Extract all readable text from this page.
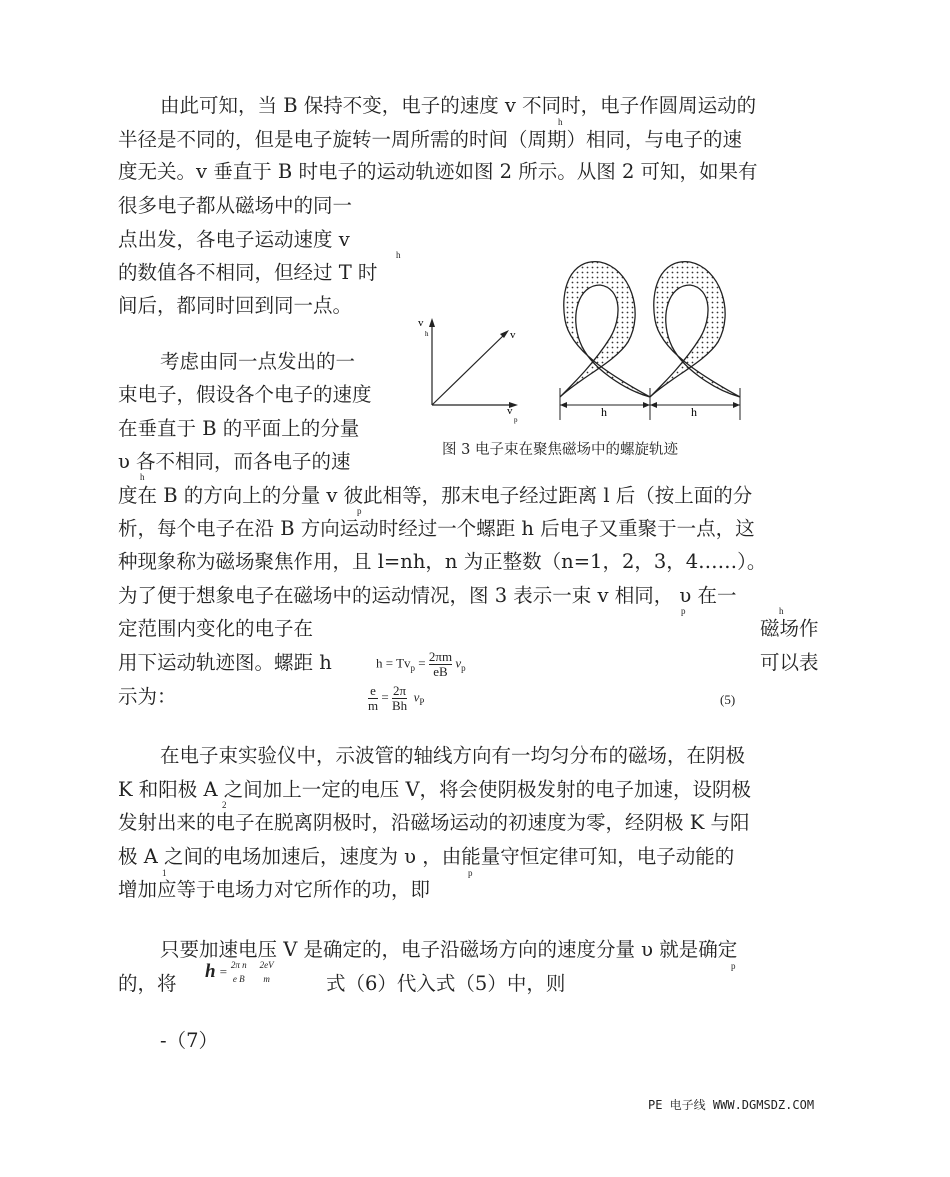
由此可知，当 B 保持不变，电子的速度 v 不同时，电子作圆周运动的
h
半径是不同的，但是电子旋转一周所需的时间（周期）相同，与电子的速
度无关。v 垂直于 B 时电子的运动轨迹如图 2 所示。从图 2 可知，如果有
很多电子都从磁场中的同一
点出发，各电子运动速度 v
h
的数值各不相同，但经过 T 时
间后，都同时回到同一点。
考虑由同一点发出的一
束电子，假设各个电子的速度
在垂直于 B 的平面上的分量
υ 各不相同，而各电子的速
h
度在 B 的方向上的分量 v 彼此相等，那末电子经过距离 l 后（按上面的分
p
析，每个电子在沿 B 方向运动时经过一个螺距 h 后电子又重聚于一点，这
种现象称为磁场聚焦作用，且 l=nh，n 为正整数（n=1，2，3，4……）。
为了便于想象电子在磁场中的运动情况，图 3 表示一束 v 相同， υ 在一
p	h
定范围内变化的电子在	磁场作
用下运动轨迹图。螺距 h	可以表
示为：
$h = Tv_p = \frac{2\pi m}{eB} v_p$
$\frac{e}{m} = \frac{2\pi}{Bh} v_P$	(5)
在电子束实验仪中，示波管的轴线方向有一均匀分布的磁场，在阴极
K 和阳极 A 之间加上一定的电压 V，将会使阴极发射的电子加速，设阴极
2
发射出来的电子在脱离阴极时，沿磁场运动的初速度为零，经阴极 K 与阳
极 A 之间的电场加速后，速度为 υ ，由能量守恒定律可知，电子动能的
1	p
增加应等于电场力对它所作的功，即
只要加速电压 V 是确定的，电子沿磁场方向的速度分量 υ 就是确定
p
的，将	式（6）代入式（5）中，则
-（7）
h = 2π n
e B

2eV
m
v
h	v
v
p
h	h
图 3 电子束在聚焦磁场中的螺旋轨迹
PE 电子线 WWW.DGMSDZ.COM
